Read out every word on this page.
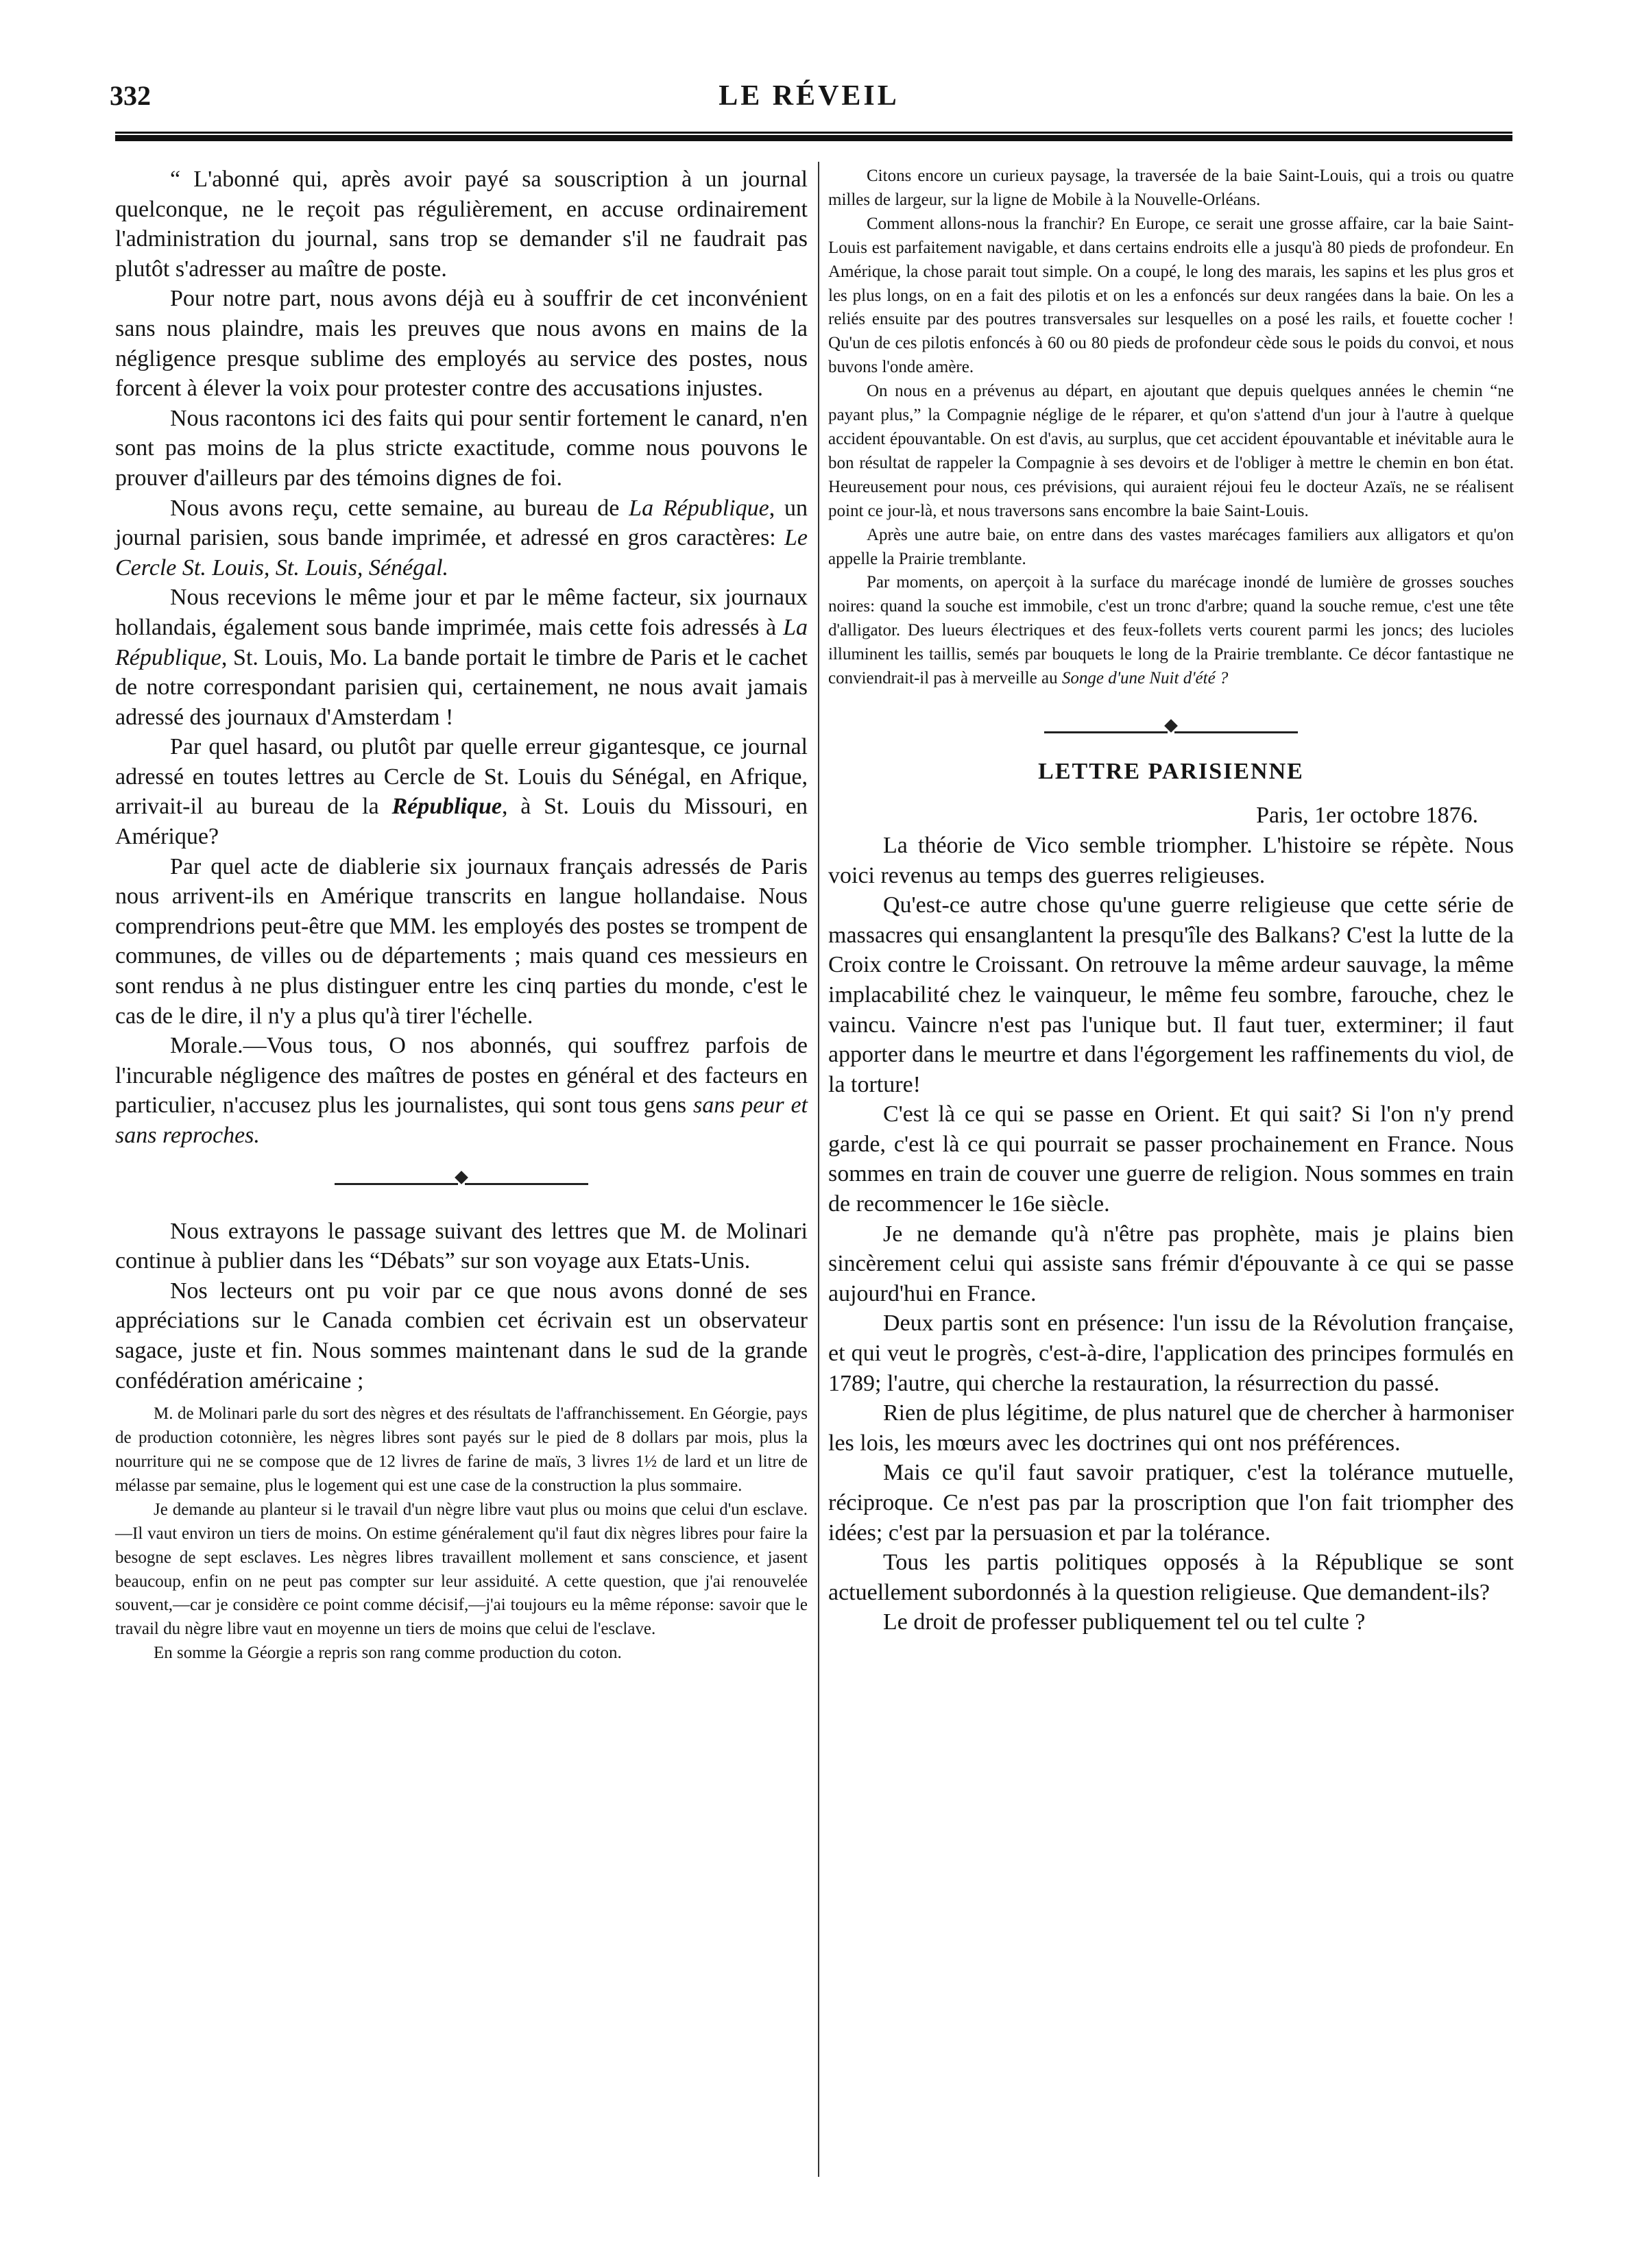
332	LE RÉVEIL

“ L'abonné qui, après avoir payé sa souscription à un journal quelconque, ne le reçoit pas régulièrement, en accuse ordinairement l'administration du journal, sans trop se demander s'il ne faudrait pas plutôt s'adresser au maître de poste.

Pour notre part, nous avons déjà eu à souffrir de cet inconvénient sans nous plaindre, mais les preuves que nous avons en mains de la négligence presque sublime des employés au service des postes, nous forcent à élever la voix pour protester contre des accusations injustes.

Nous racontons ici des faits qui pour sentir fortement le canard, n'en sont pas moins de la plus stricte exactitude, comme nous pouvons le prouver d'ailleurs par des témoins dignes de foi.

Nous avons reçu, cette semaine, au bureau de La République, un journal parisien, sous bande imprimée, et adressé en gros caractères: Le Cercle St. Louis, St. Louis, Sénégal.

Nous recevions le même jour et par le même facteur, six journaux hollandais, également sous bande imprimée, mais cette fois adressés à La République, St. Louis, Mo. La bande portait le timbre de Paris et le cachet de notre correspondant parisien qui, certainement, ne nous avait jamais adressé des journaux d'Amsterdam !

Par quel hasard, ou plutôt par quelle erreur gigantesque, ce journal adressé en toutes lettres au Cercle de St. Louis du Sénégal, en Afrique, arrivait-il au bureau de la République, à St. Louis du Missouri, en Amérique?

Par quel acte de diablerie six journaux français adressés de Paris nous arrivent-ils en Amérique transcrits en langue hollandaise. Nous comprendrions peut-être que MM. les employés des postes se trompent de communes, de villes ou de départements ; mais quand ces messieurs en sont rendus à ne plus distinguer entre les cinq parties du monde, c'est le cas de le dire, il n'y a plus qu'à tirer l'échelle.

Morale.—Vous tous, O nos abonnés, qui souffrez parfois de l'incurable négligence des maîtres de postes en général et des facteurs en particulier, n'accusez plus les journalistes, qui sont tous gens sans peur et sans reproches.

Nous extrayons le passage suivant des lettres que M. de Molinari continue à publier dans les “Débats” sur son voyage aux Etats-Unis.

Nos lecteurs ont pu voir par ce que nous avons donné de ses appréciations sur le Canada combien cet écrivain est un observateur sagace, juste et fin. Nous sommes maintenant dans le sud de la grande confédération américaine ;

M. de Molinari parle du sort des nègres et des résultats de l'affranchissement. En Géorgie, pays de production cotonnière, les nègres libres sont payés sur le pied de 8 dollars par mois, plus la nourriture qui ne se compose que de 12 livres de farine de maïs, 3 livres 1½ de lard et un litre de mélasse par semaine, plus le logement qui est une case de la construction la plus sommaire.

Je demande au planteur si le travail d'un nègre libre vaut plus ou moins que celui d'un esclave.—Il vaut environ un tiers de moins. On estime généralement qu'il faut dix nègres libres pour faire la besogne de sept esclaves. Les nègres libres travaillent mollement et sans conscience, et jasent beaucoup, enfin on ne peut pas compter sur leur assiduité. A cette question, que j'ai renouvelée souvent,—car je considère ce point comme décisif,—j'ai toujours eu la même réponse: savoir que le travail du nègre libre vaut en moyenne un tiers de moins que celui de l'esclave.

En somme la Géorgie a repris son rang comme production du coton.

Citons encore un curieux paysage, la traversée de la baie Saint-Louis, qui a trois ou quatre milles de largeur, sur la ligne de Mobile à la Nouvelle-Orléans.

Comment allons-nous la franchir? En Europe, ce serait une grosse affaire, car la baie Saint-Louis est parfaitement navigable, et dans certains endroits elle a jusqu'à 80 pieds de profondeur. En Amérique, la chose parait tout simple. On a coupé, le long des marais, les sapins et les plus gros et les plus longs, on en a fait des pilotis et on les a enfoncés sur deux rangées dans la baie. On les a reliés ensuite par des poutres transversales sur lesquelles on a posé les rails, et fouette cocher ! Qu'un de ces pilotis enfoncés à 60 ou 80 pieds de profondeur cède sous le poids du convoi, et nous buvons l'onde amère.

On nous en a prévenus au départ, en ajoutant que depuis quelques années le chemin “ne payant plus,” la Compagnie néglige de le réparer, et qu'on s'attend d'un jour à l'autre à quelque accident épouvantable. On est d'avis, au surplus, que cet accident épouvantable et inévitable aura le bon résultat de rappeler la Compagnie à ses devoirs et de l'obliger à mettre le chemin en bon état. Heureusement pour nous, ces prévisions, qui auraient réjoui feu le docteur Azaïs, ne se réalisent point ce jour-là, et nous traversons sans encombre la baie Saint-Louis.

Après une autre baie, on entre dans des vastes marécages familiers aux alligators et qu'on appelle la Prairie tremblante.

Par moments, on aperçoit à la surface du marécage inondé de lumière de grosses souches noires: quand la souche est immobile, c'est un tronc d'arbre; quand la souche remue, c'est une tête d'alligator. Des lueurs électriques et des feux-follets verts courent parmi les joncs; des lucioles illuminent les taillis, semés par bouquets le long de la Prairie tremblante. Ce décor fantastique ne conviendrait-il pas à merveille au Songe d'une Nuit d'été ?

LETTRE PARISIENNE

Paris, 1er octobre 1876.

La théorie de Vico semble triompher. L'histoire se répète. Nous voici revenus au temps des guerres religieuses.

Qu'est-ce autre chose qu'une guerre religieuse que cette série de massacres qui ensanglantent la presqu'île des Balkans? C'est la lutte de la Croix contre le Croissant. On retrouve la même ardeur sauvage, la même implacabilité chez le vainqueur, le même feu sombre, farouche, chez le vaincu. Vaincre n'est pas l'unique but. Il faut tuer, exterminer; il faut apporter dans le meurtre et dans l'égorgement les raffinements du viol, de la torture!

C'est là ce qui se passe en Orient. Et qui sait? Si l'on n'y prend garde, c'est là ce qui pourrait se passer prochainement en France. Nous sommes en train de couver une guerre de religion. Nous sommes en train de recommencer le 16e siècle.

Je ne demande qu'à n'être pas prophète, mais je plains bien sincèrement celui qui assiste sans frémir d'épouvante à ce qui se passe aujourd'hui en France.

Deux partis sont en présence: l'un issu de la Révolution française, et qui veut le progrès, c'est-à-dire, l'application des principes formulés en 1789; l'autre, qui cherche la restauration, la résurrection du passé.

Rien de plus légitime, de plus naturel que de chercher à harmoniser les lois, les mœurs avec les doctrines qui ont nos préférences.

Mais ce qu'il faut savoir pratiquer, c'est la tolérance mutuelle, réciproque. Ce n'est pas par la proscription que l'on fait triompher des idées; c'est par la persuasion et par la tolérance.

Tous les partis politiques opposés à la République se sont actuellement subordonnés à la question religieuse. Que demandent-ils?

Le droit de professer publiquement tel ou tel culte ?
